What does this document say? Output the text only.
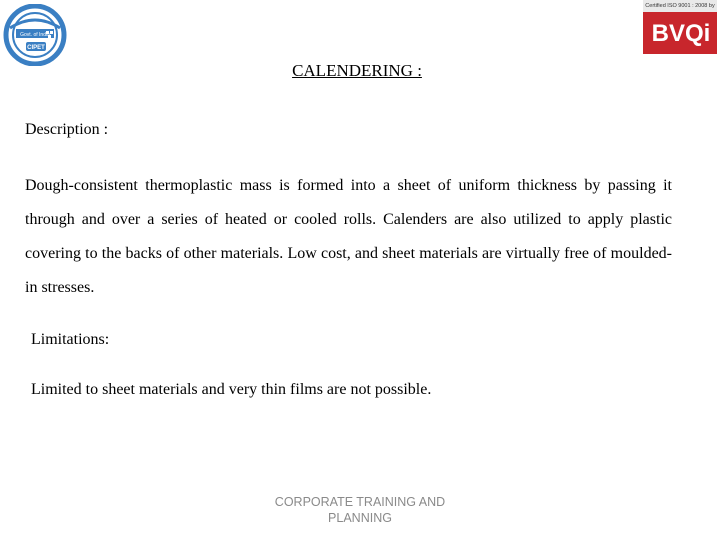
Govt. of India
CIPET
Certified ISO 9001 : 2008 by
BVQi
CALENDERING :
Description :
Dough-consistent thermoplastic mass is formed into a sheet of uniform thickness by passing it through and over a series of heated or cooled rolls. Calenders are also utilized to apply plastic covering to the backs of other materials. Low cost, and sheet materials are virtually free of moulded-in stresses.
Limitations:
Limited to sheet materials and very thin films are not possible.
CORPORATE TRAINING AND
PLANNING
